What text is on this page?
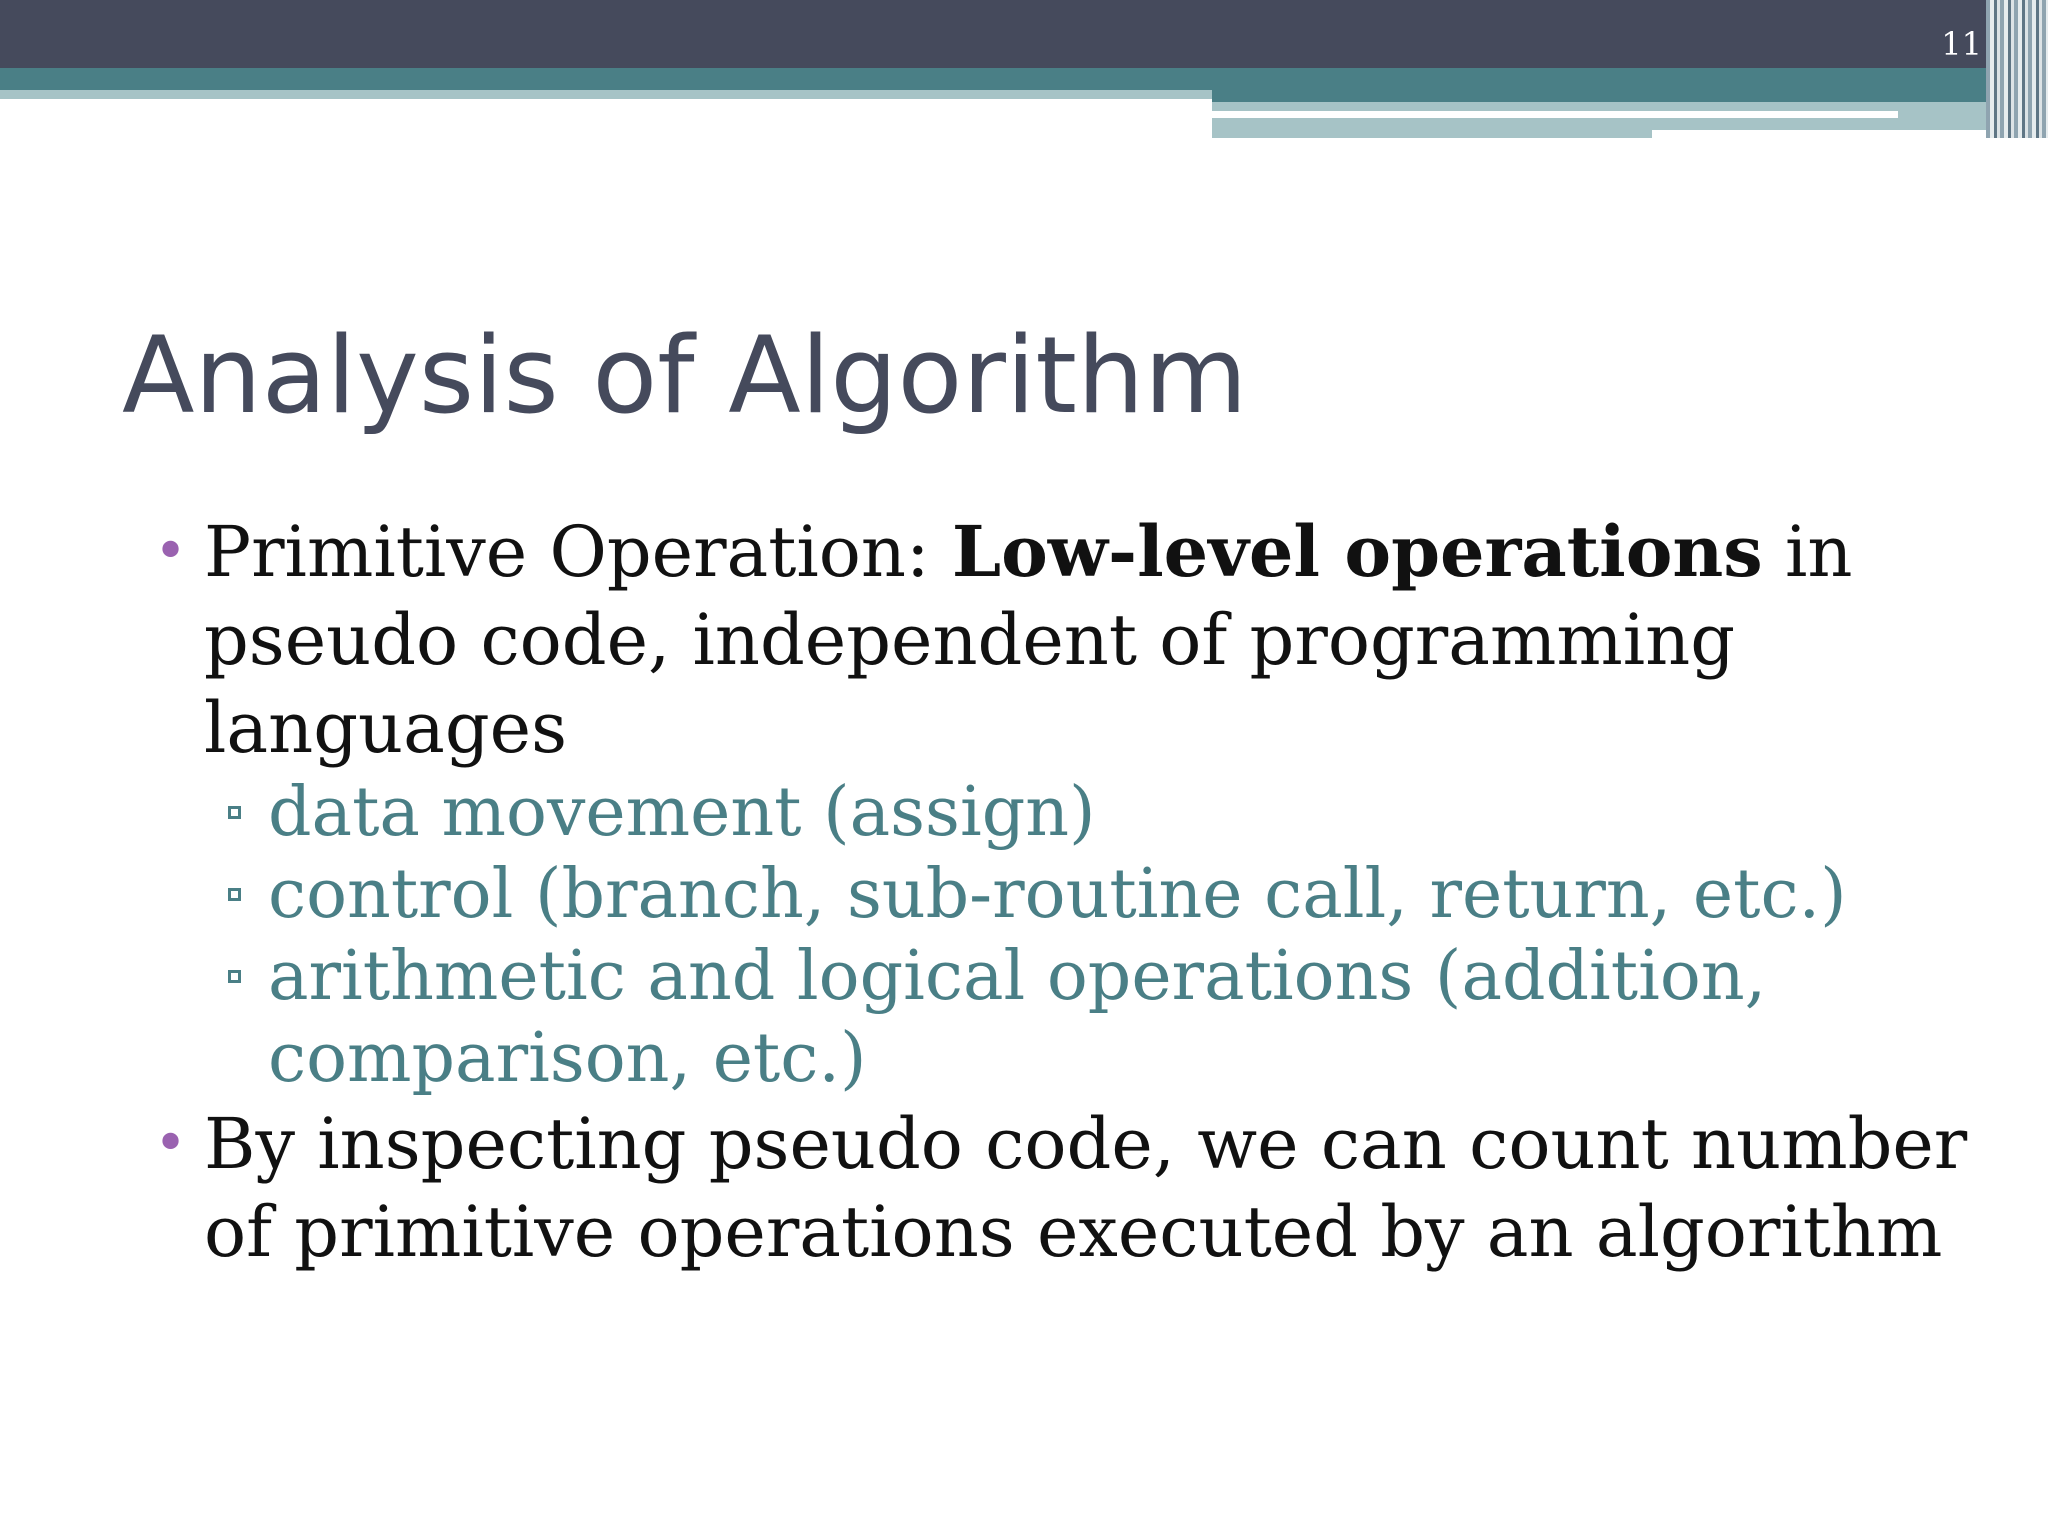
11
Analysis of Algorithm
• Primitive Operation: Low-level operations in pseudo code, independent of programming languages
data movement (assign)
control (branch, sub-routine call, return, etc.)
arithmetic and logical operations (addition, comparison, etc.)
• By inspecting pseudo code, we can count number of primitive operations executed by an algorithm
